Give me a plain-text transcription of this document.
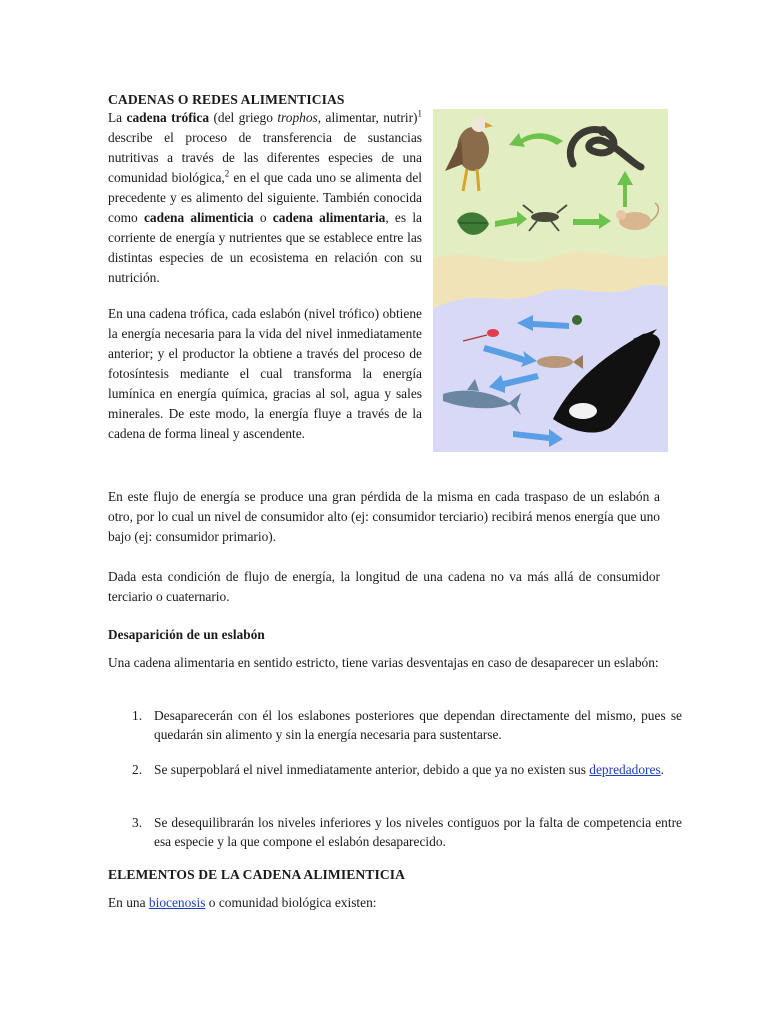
CADENAS O REDES ALIMENTICIAS

La cadena trófica (del griego trophos, alimentar, nutrir)$^1$ describe el proceso de transferencia de sustancias nutritivas a través de las diferentes especies de una comunidad biológica,$^2$ en el que cada uno se alimenta del precedente y es alimento del siguiente. También conocida como cadena alimenticia o cadena alimentaria, es la corriente de energía y nutrientes que se establece entre las distintas especies de un ecosistema en relación con su nutrición.

En una cadena trófica, cada eslabón (nivel trófico) obtiene la energía necesaria para la vida del nivel inmediatamente anterior; y el productor la obtiene a través del proceso de fotosíntesis mediante el cual transforma la energía lumínica en energía química, gracias al sol, agua y sales minerales. De este modo, la energía fluye a través de la cadena de forma lineal y ascendente.

En este flujo de energía se produce una gran pérdida de la misma en cada traspaso de un eslabón a otro, por lo cual un nivel de consumidor alto (ej: consumidor terciario) recibirá menos energía que uno bajo (ej: consumidor primario).

Dada esta condición de flujo de energía, la longitud de una cadena no va más allá de consumidor terciario o cuaternario.

Desaparición de un eslabón

Una cadena alimentaria en sentido estricto, tiene varias desventajas en caso de desaparecer un eslabón:

1. Desaparecerán con él los eslabones posteriores que dependan directamente del mismo, pues se quedarán sin alimento y sin la energía necesaria para sustentarse.

2. Se superpoblará el nivel inmediatamente anterior, debido a que ya no existen sus depredadores.

3. Se desequilibrarán los niveles inferiores y los niveles contiguos por la falta de competencia entre esa especie y la que compone el eslabón desaparecido.

ELEMENTOS DE LA CADENA ALIMIENTICIA

En una biocenosis o comunidad biológica existen:
